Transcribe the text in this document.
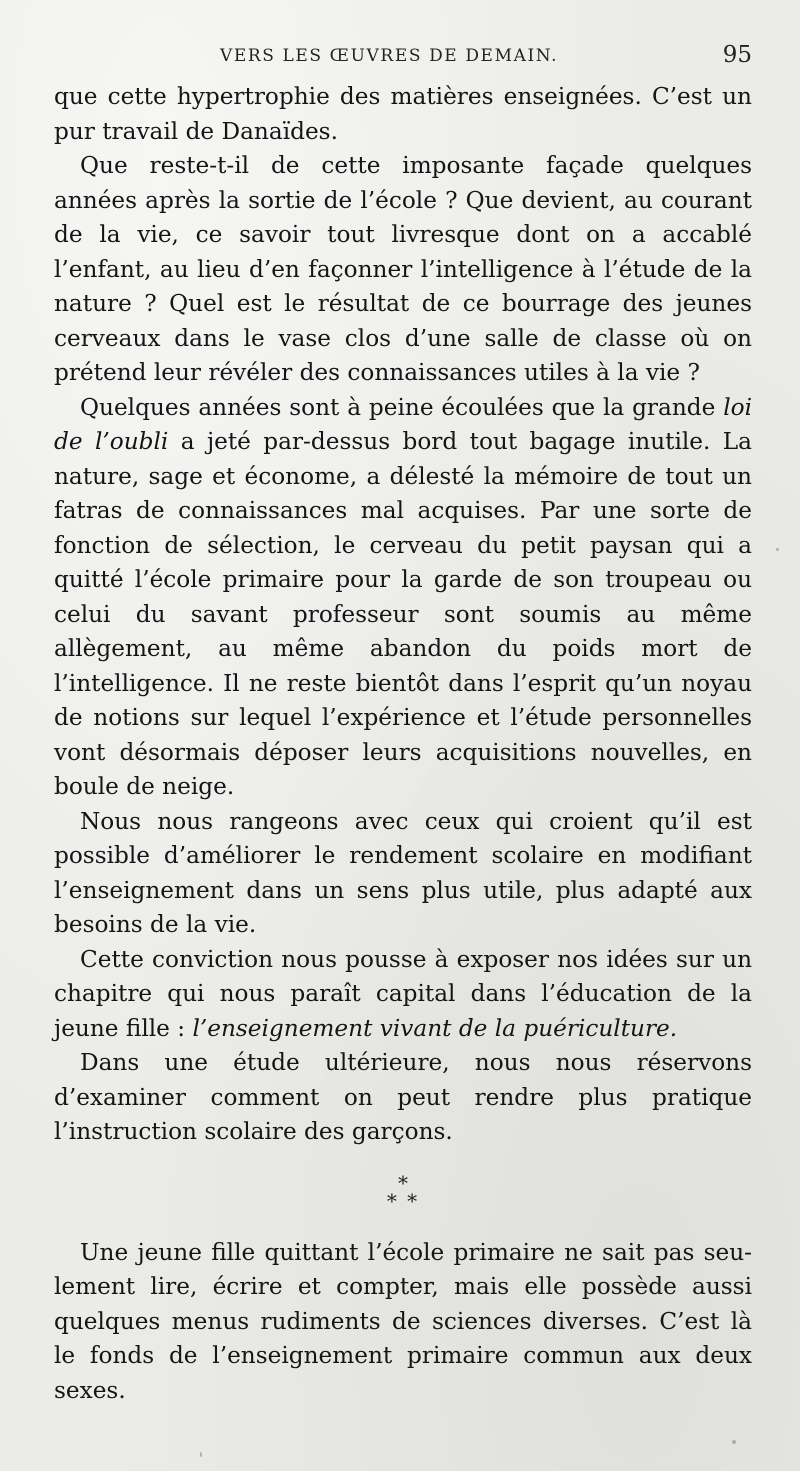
VERS LES ŒUVRES DE DEMAIN.	95

que cette hypertrophie des matières enseignées. C’est un pur travail de Danaïdes.

Que reste-t-il de cette imposante façade quelques années après la sortie de l’école ? Que devient, au courant de la vie, ce savoir tout livresque dont on a accablé l’enfant, au lieu d’en façonner l’intelligence à l’étude de la nature ? Quel est le résultat de ce bourrage des jeunes cerveaux dans le vase clos d’une salle de classe où on prétend leur révéler des connaissances utiles à la vie ?

Quelques années sont à peine écoulées que la grande loi de l’oubli a jeté par-dessus bord tout bagage inutile. La nature, sage et économe, a délesté la mémoire de tout un fatras de connaissances mal acquises. Par une sorte de fonction de sélection, le cerveau du petit paysan qui a quitté l’école primaire pour la garde de son troupeau ou celui du savant professeur sont soumis au même allègement, au même abandon du poids mort de l’intelligence. Il ne reste bientôt dans l’esprit qu’un noyau de notions sur lequel l’expérience et l’étude personnelles vont désormais déposer leurs acquisitions nouvelles, en boule de neige.

Nous nous rangeons avec ceux qui croient qu’il est possible d’améliorer le rendement scolaire en modifiant l’enseignement dans un sens plus utile, plus adapté aux besoins de la vie.

Cette conviction nous pousse à exposer nos idées sur un chapitre qui nous paraît capital dans l’éducation de la jeune fille : l’enseignement vivant de la puériculture.

Dans une étude ultérieure, nous nous réservons d’examiner comment on peut rendre plus pratique l’instruction scolaire des garçons.

*
* *

Une jeune fille quittant l’école primaire ne sait pas seulement lire, écrire et compter, mais elle possède aussi quelques menus rudiments de sciences diverses. C’est là le fonds de l’enseignement primaire commun aux deux sexes.
